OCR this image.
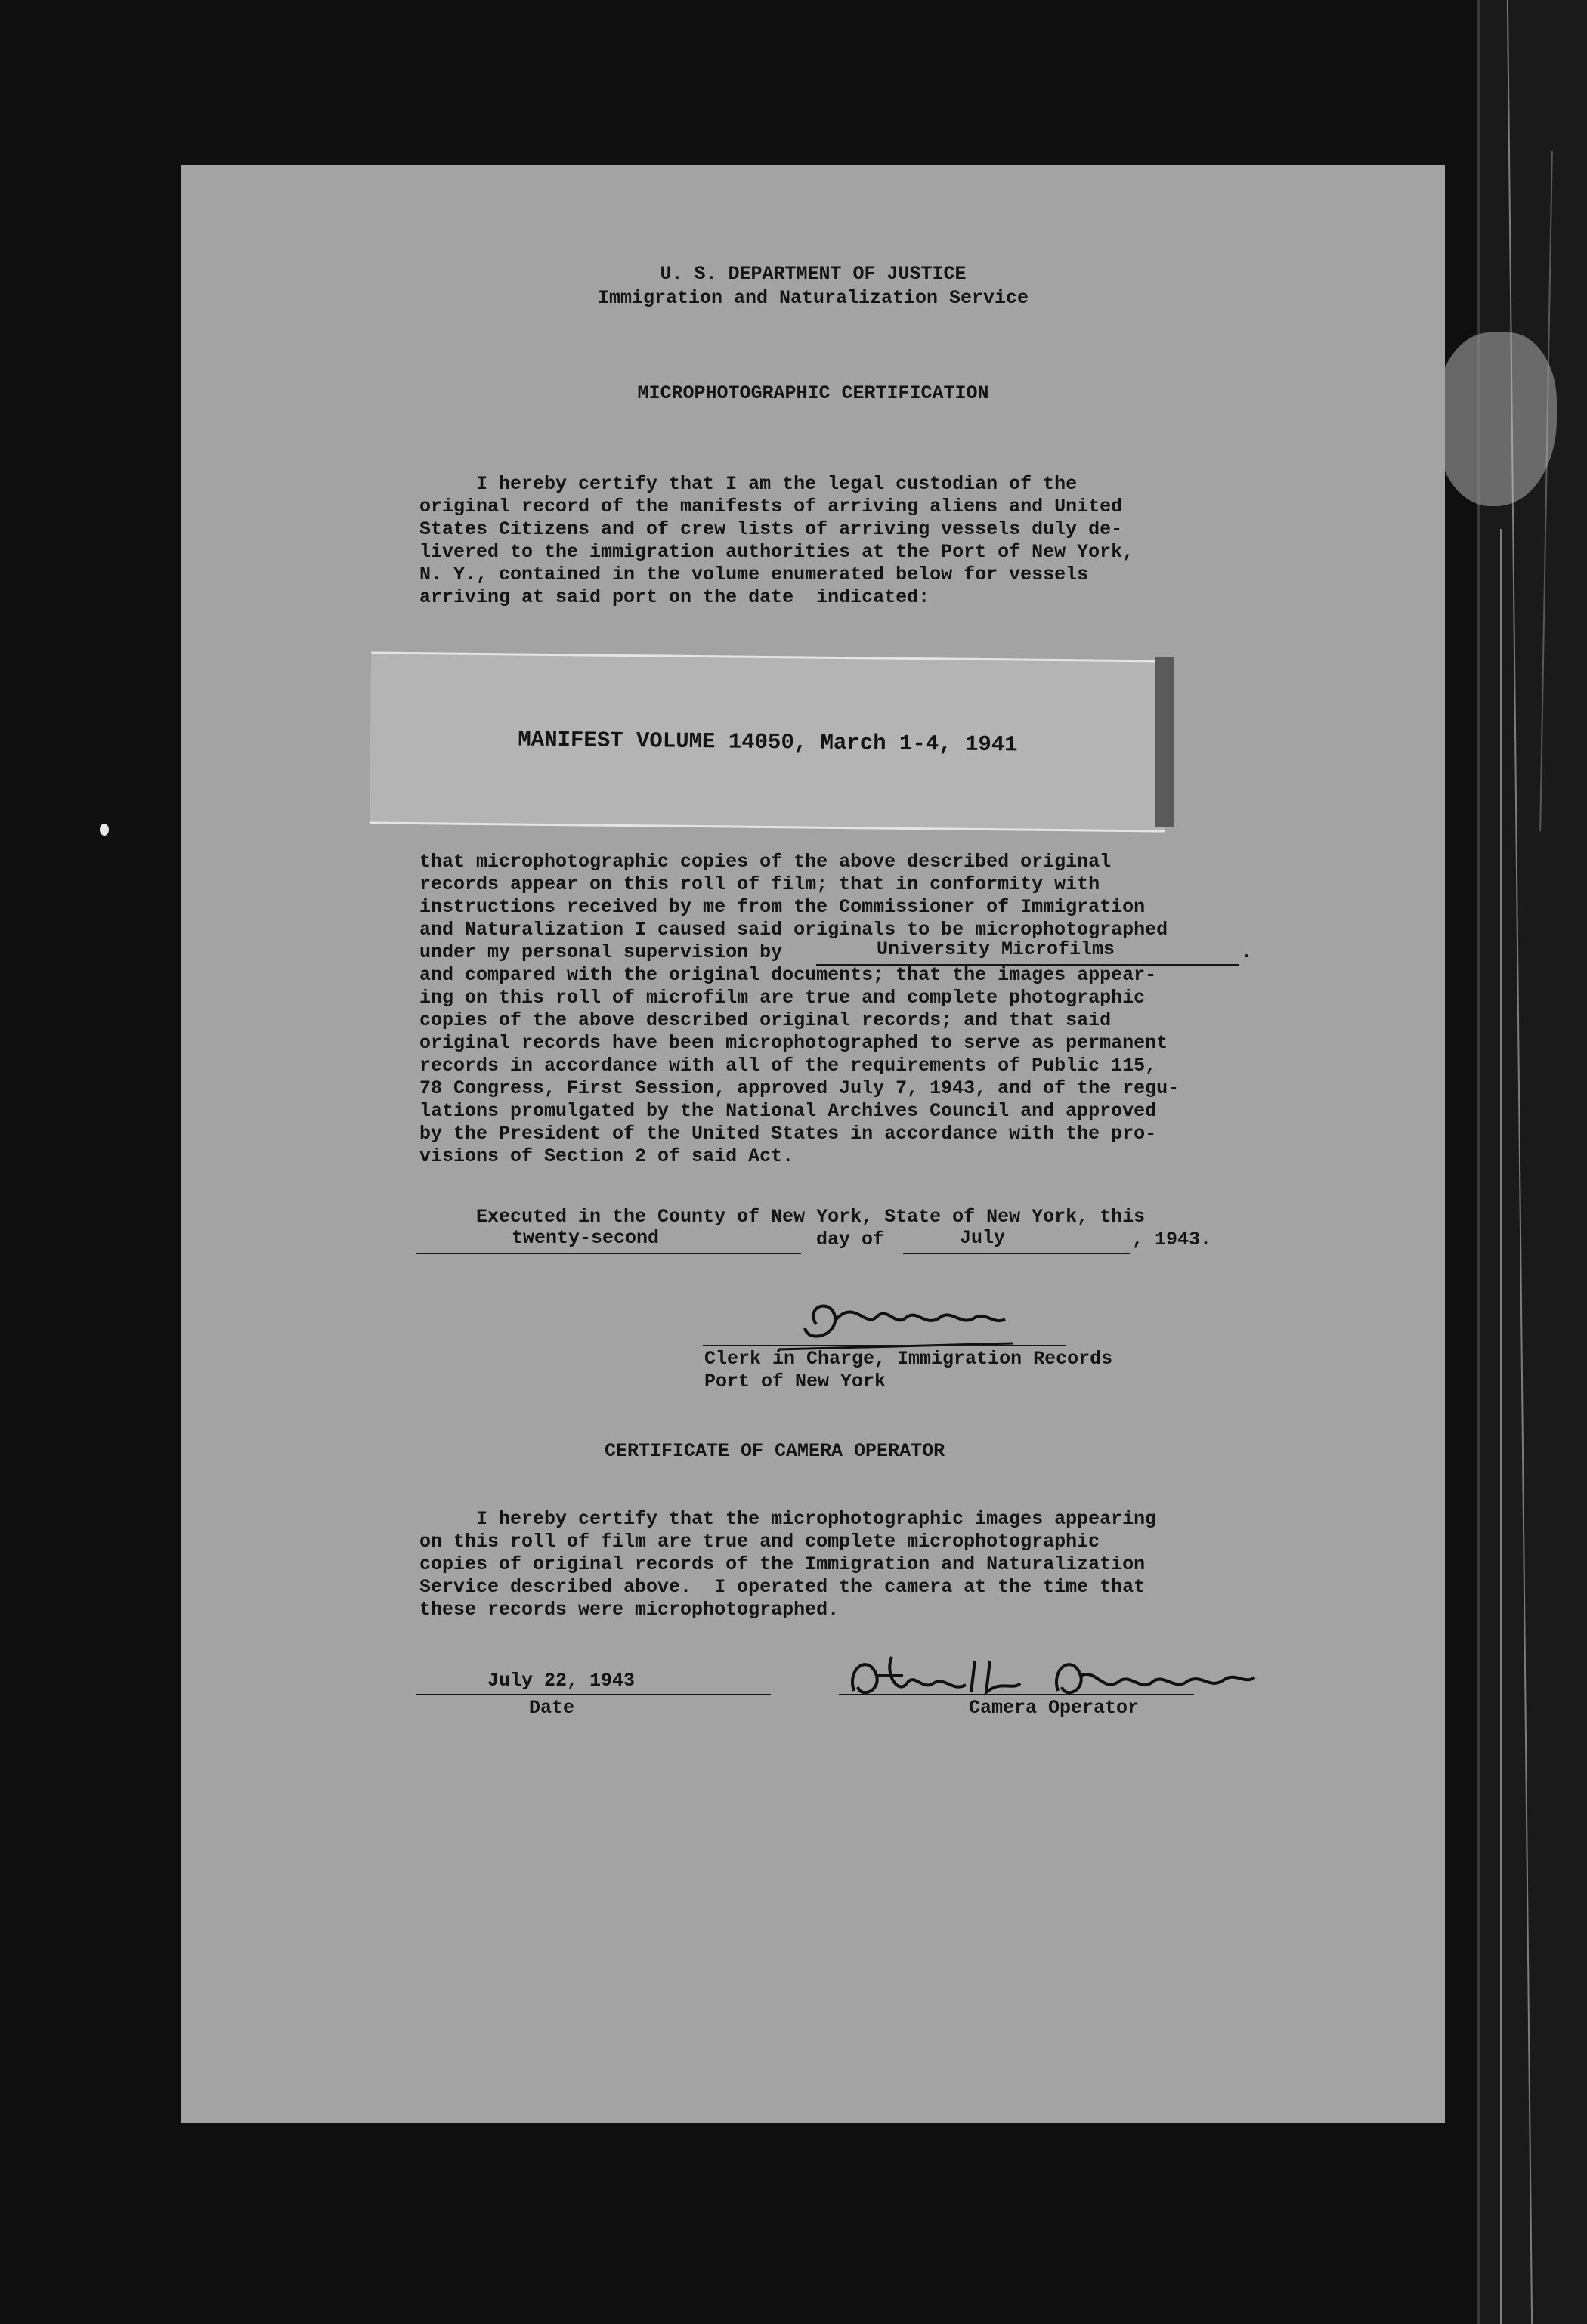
U. S. DEPARTMENT OF JUSTICE
Immigration and Naturalization Service
MICROPHOTOGRAPHIC CERTIFICATION
I hereby certify that I am the legal custodian of the
original record of the manifests of arriving aliens and United
States Citizens and of crew lists of arriving vessels duly de-
livered to the immigration authorities at the Port of New York,
N. Y., contained in the volume enumerated below for vessels
arriving at said port on the date  indicated:
MANIFEST VOLUME 14050, March 1-4, 1941
that microphotographic copies of the above described original
records appear on this roll of film; that in conformity with
instructions received by me from the Commissioner of Immigration
and Naturalization I caused said originals to be microphotographed
under my personal supervision by	University Microfilms	.
and compared with the original documents; that the images appear-
ing on this roll of microfilm are true and complete photographic
copies of the above described original records; and that said
original records have been microphotographed to serve as permanent
records in accordance with all of the requirements of Public 115,
78 Congress, First Session, approved July 7, 1943, and of the regu-
lations promulgated by the National Archives Council and approved
by the President of the United States in accordance with the pro-
visions of Section 2 of said Act.
Executed in the County of New York, State of New York, this
twenty-second	day of	July	, 1943.
Clerk in Charge, Immigration Records
Port of New York
CERTIFICATE OF CAMERA OPERATOR
I hereby certify that the microphotographic images appearing
on this roll of film are true and complete microphotographic
copies of original records of the Immigration and Naturalization
Service described above.  I operated the camera at the time that
these records were microphotographed.
July 22, 1943
Date	Camera Operator
